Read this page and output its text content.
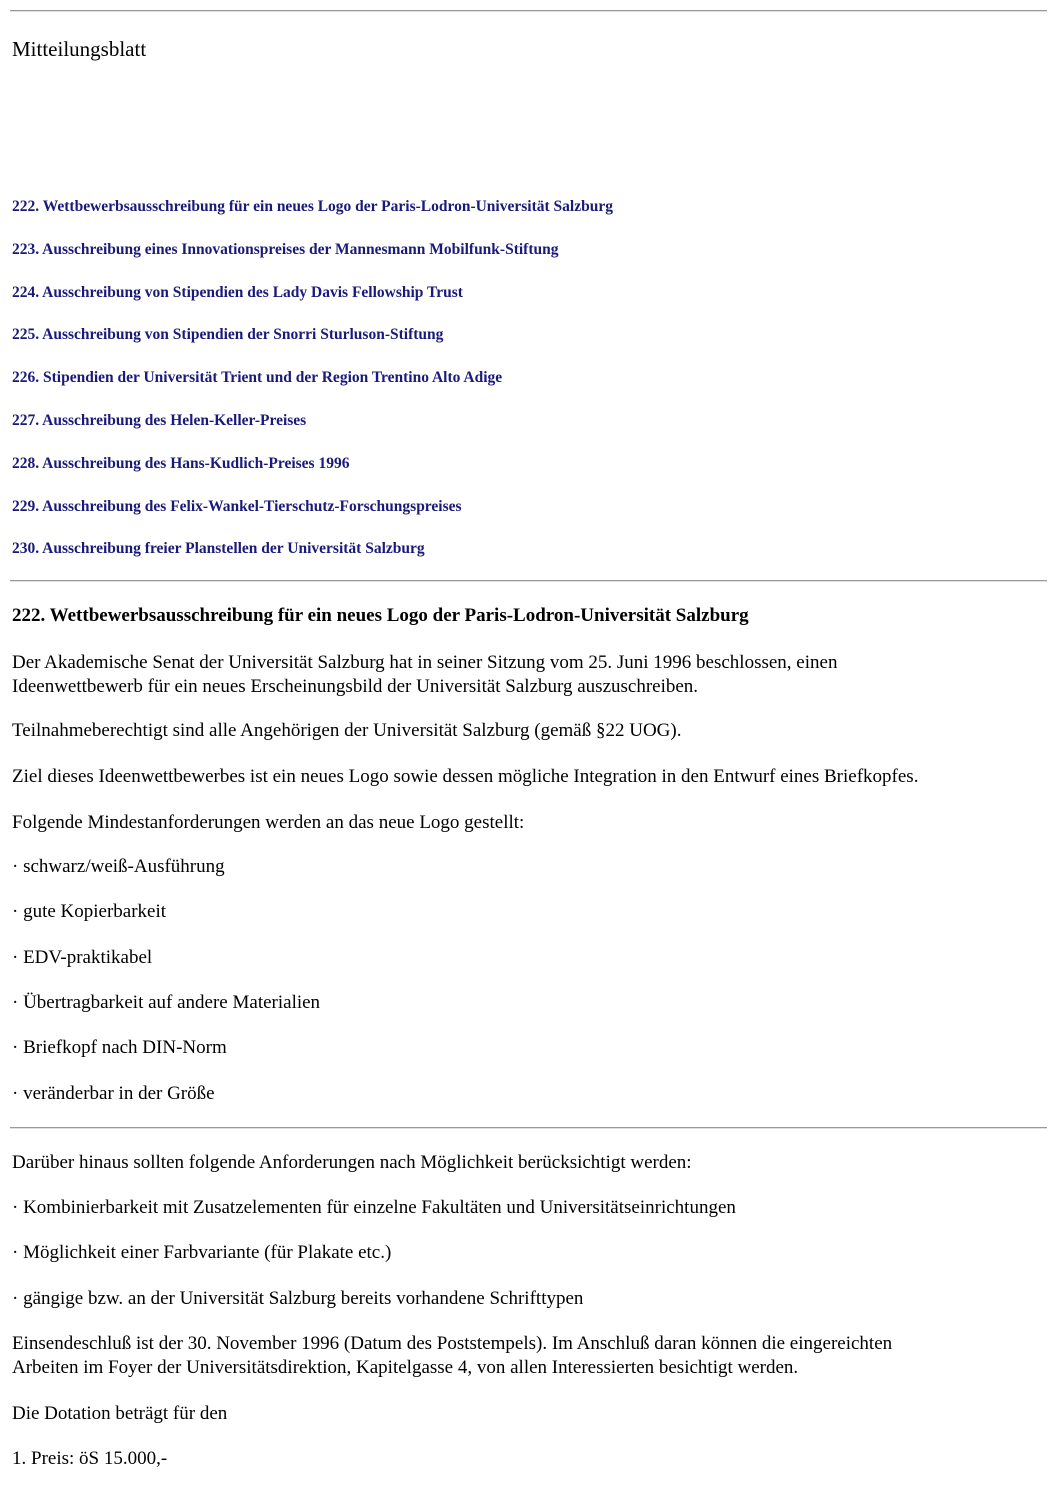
Mitteilungsblatt
222. Wettbewerbsausschreibung für ein neues Logo der Paris-Lodron-Universität Salzburg
223. Ausschreibung eines Innovationspreises der Mannesmann Mobilfunk-Stiftung
224. Ausschreibung von Stipendien des Lady Davis Fellowship Trust
225. Ausschreibung von Stipendien der Snorri Sturluson-Stiftung
226. Stipendien der Universität Trient und der Region Trentino Alto Adige
227. Ausschreibung des Helen-Keller-Preises
228. Ausschreibung des Hans-Kudlich-Preises 1996
229. Ausschreibung des Felix-Wankel-Tierschutz-Forschungspreises
230. Ausschreibung freier Planstellen der Universität Salzburg
222. Wettbewerbsausschreibung für ein neues Logo der Paris-Lodron-Universität Salzburg

Der Akademische Senat der Universität Salzburg hat in seiner Sitzung vom 25. Juni 1996 beschlossen, einen

Ideenwettbewerb für ein neues Erscheinungsbild der Universität Salzburg auszuschreiben.

Teilnahmeberechtigt sind alle Angehörigen der Universität Salzburg (gemäß §22 UOG).

Ziel dieses Ideenwettbewerbes ist ein neues Logo sowie dessen mögliche Integration in den Entwurf eines Briefkopfes.

Folgende Mindestanforderungen werden an das neue Logo gestellt:

· schwarz/weiß-Ausführung

· gute Kopierbarkeit

· EDV-praktikabel

· Übertragbarkeit auf andere Materialien

· Briefkopf nach DIN-Norm

· veränderbar in der Größe

Darüber hinaus sollten folgende Anforderungen nach Möglichkeit berücksichtigt werden:

· Kombinierbarkeit mit Zusatzelementen für einzelne Fakultäten und Universitätseinrichtungen

· Möglichkeit einer Farbvariante (für Plakate etc.)

· gängige bzw. an der Universität Salzburg bereits vorhandene Schrifttypen

Einsendeschluß ist der 30. November 1996 (Datum des Poststempels). Im Anschluß daran können die eingereichten

Arbeiten im Foyer der Universitätsdirektion, Kapitelgasse 4, von allen Interessierten besichtigt werden.

Die Dotation beträgt für den

1. Preis: öS 15.000,-
